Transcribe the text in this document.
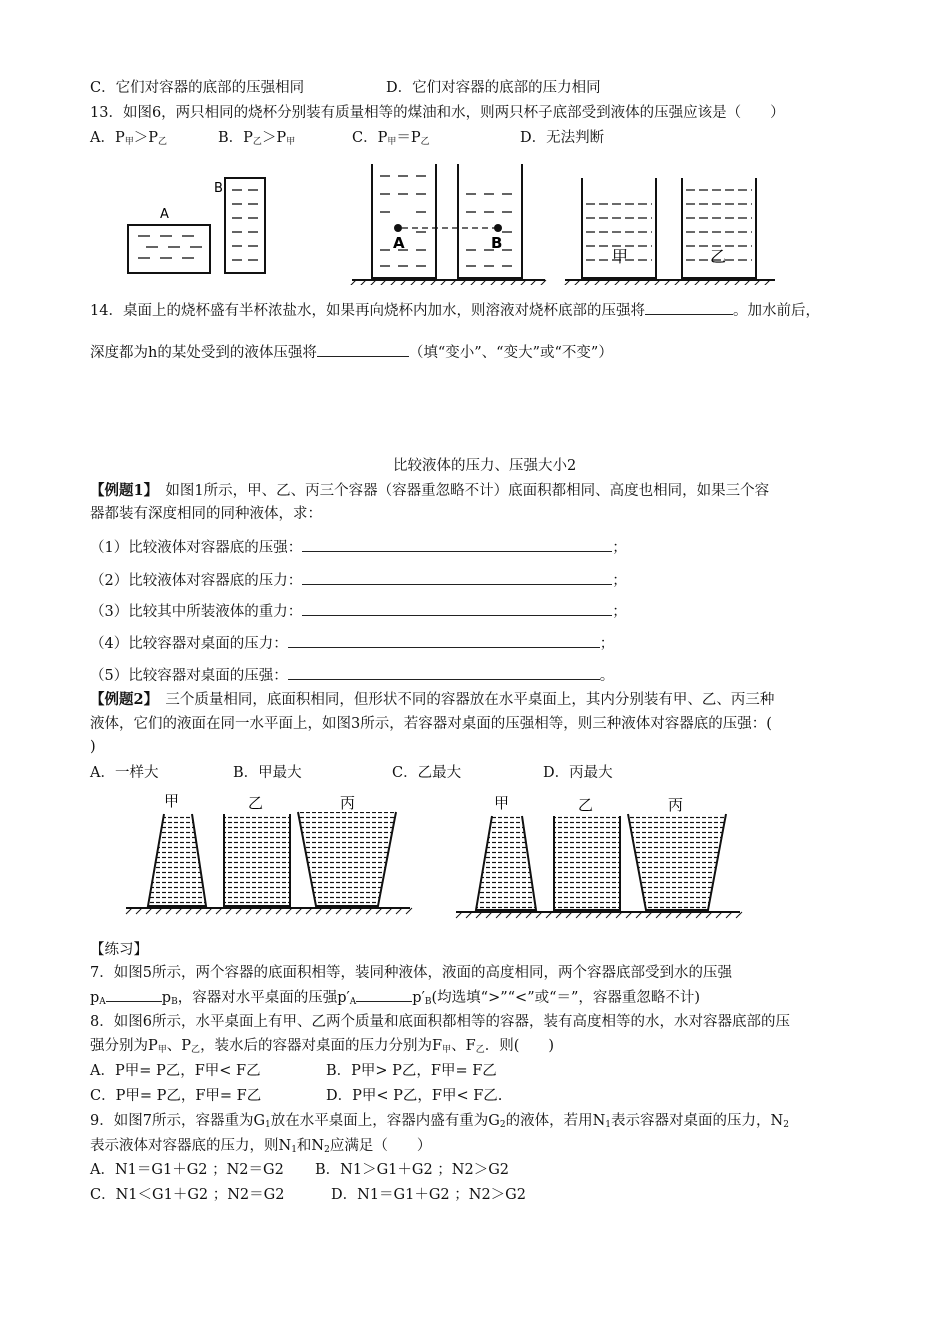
C．它们对容器的底部的压强相同	D．它们对容器的底部的压力相同
13．如图6，两只相同的烧杯分别装有质量相等的煤油和水，则两只杯子底部受到液体的压强应该是（　　）
A．$P_甲>P_乙$	B．$P_乙>P_甲$	C．$P_甲=P_乙$	D．无法判断
A
B
A	B
甲	乙
14．桌面上的烧杯盛有半杯浓盐水，如果再向烧杯内加水，则溶液对烧杯底部的压强将	。加水前后，
深度都为h的某处受到的液体压强将	（填“变小”、“变大”或“不变”）
比较液体的压力、压强大小2
【例题1】　如图1所示，甲、乙、丙三个容器（容器重忽略不计）底面积都相同、高度也相同，如果三个容
器都装有深度相同的同种液体，求：
（1）比较液体对容器底的压强：	；
（2）比较液体对容器底的压力：	；
（3）比较其中所装液体的重力：	；
（4）比较容器对桌面的压力：	；
（5）比较容器对桌面的压强：	。
【例题2】　三个质量相同，底面积相同，但形状不同的容器放在水平桌面上，其内分别装有甲、乙、丙三种
液体，它们的液面在同一水平面上，如图3所示，若容器对桌面的压强相等，则三种液体对容器底的压强：(
)
A．一样大	B．甲最大	C．乙最大	D．丙最大
甲	乙	丙	甲	乙	丙
【练习】
7．如图5所示，两个容器的底面积相等，装同种液体，液面的高度相同，两个容器底部受到水的压强
$p_A$	$p_B$，容器对水平桌面的压强$p'_A$	$p'_B$(均选填“>”“<”或“＝”，容器重忽略不计)
8．如图6所示，水平桌面上有甲、乙两个质量和底面积都相等的容器，装有高度相等的水，水对容器底部的压
强分别为$P_甲$、$P_乙$，装水后的容器对桌面的压力分别为$F_甲$、$F_乙$．则(　　)
A．P甲= P乙，F甲< F乙	B．P甲> P乙，F甲= F乙
C．P甲= P乙，F甲= F乙	D．P甲< P乙，F甲< F乙.
9．如图7所示，容器重为$G_1$放在水平桌面上，容器内盛有重为$G_2$的液体，若用$N_1$表示容器对桌面的压力，$N_2$
表示液体对容器底的压力，则$N_1$和$N_2$应满足（　　）
A．N1＝G1＋G2 ；N2＝G2 B．N1＞G1＋G2 ；N2＞G2
C．N1＜G1＋G2 ；N2＝G2	D．N1＝G1＋G2 ；N2＞G2
